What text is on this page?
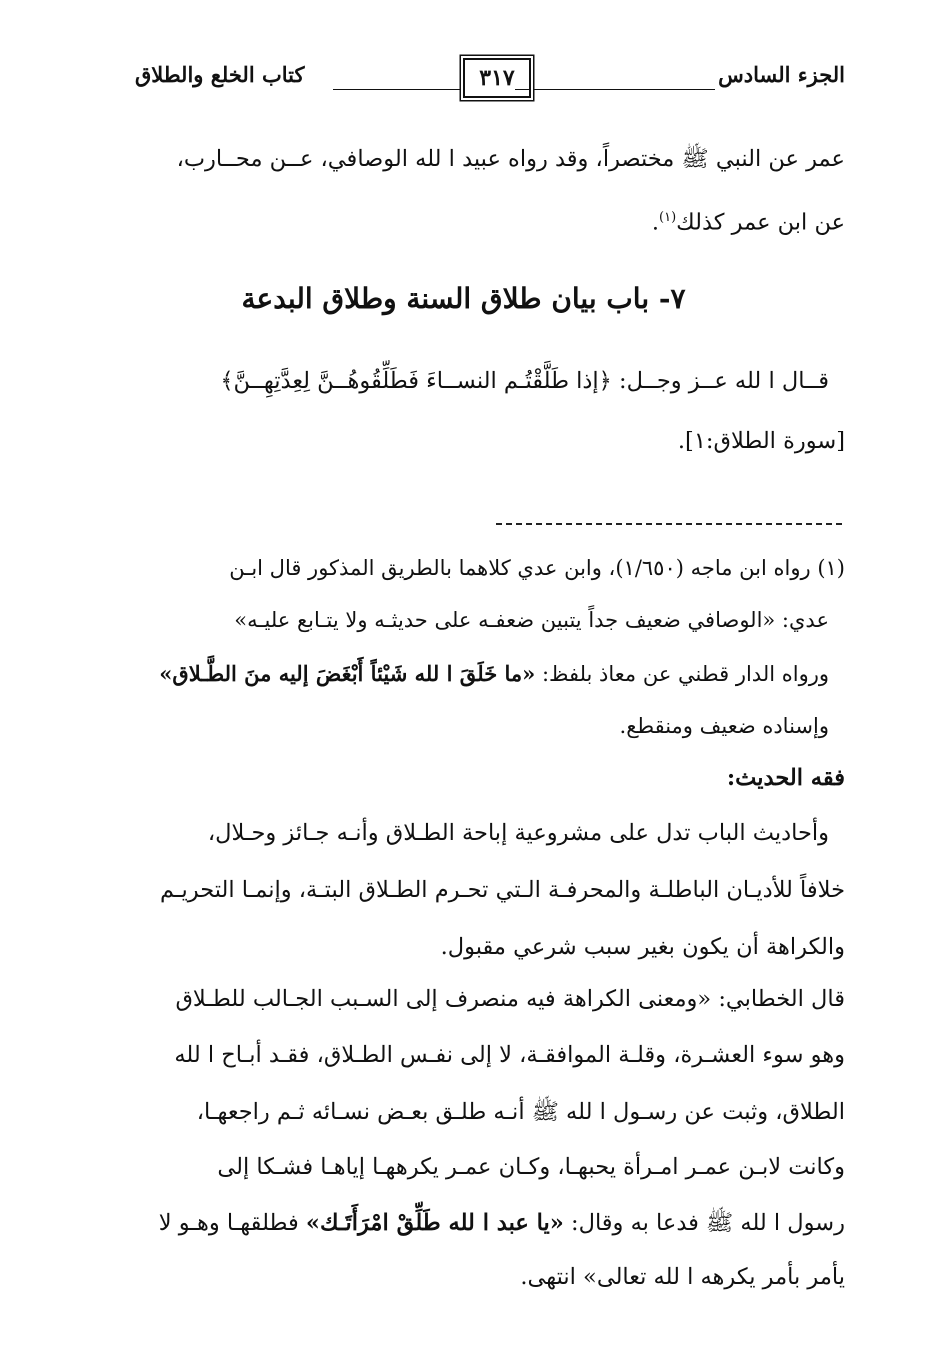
الجزء السادس
٣١٧
كتاب الخلع والطلاق
عمر عن النبي ﷺ مختصراً، وقد رواه عبيد ا لله الوصافي، عــن محــارب،
عن ابن عمر كذلك$^{(١)}$.
٧- باب بيان طلاق السنة وطلاق البدعة
قــال ا لله عــز وجــل: ﴿إذا طَلَّقْتُـم النســاءَ فَطَلِّقُوهُــنَّ لِعِدَّتِهِــنَّ﴾
[سورة الطلاق:١].
(١) رواه ابن ماجه (١/٦٥٠)، وابن عدي كلاهما بالطريق المذكور قال ابـن
عدي: «الوصافي ضعيف جداً يتبين ضعفـه على حديثـه ولا يتـابع عليـه»
ورواه الدار قطني عن معاذ بلفظ: «ما خَلَقَ ا لله شَيْئاً أَبْغَضَ إليه منَ الطَّـلاق»
وإسناده ضعيف ومنقطع.
فقه الحديث:
وأحاديث الباب تدل على مشروعية إباحة الطـلاق وأنـه جـائز وحـلال،
خلافاً للأديـان الباطلـة والمحرفـة الـتي تحـرم الطـلاق البتـة، وإنمـا التحريـم
والكراهة أن يكون بغير سبب شرعي مقبول.
قال الخطابي: «ومعنى الكراهة فيه منصرف إلى السـبب الجـالب للطـلاق
وهو سوء العشـرة، وقلـة الموافقـة، لا إلى نفـس الطـلاق، فقـد أبـاح ا لله
الطلاق، وثبت عن رسـول ا لله ﷺ أنـه طلـق بعـض نسـائه ثـم راجعهـا،
وكانت لابـن عمـر امـرأة يحبهـا، وكـان عمـر يكرههـا إياهـا فشـكا إلى
رسول ا لله ﷺ فدعا به وقال: «يا عبد ا لله طَلِّقْ امْرَأَتَـك» فطلقهـا وهـو لا
يأمر بأمر يكرهه ا لله تعالى» انتهى.
